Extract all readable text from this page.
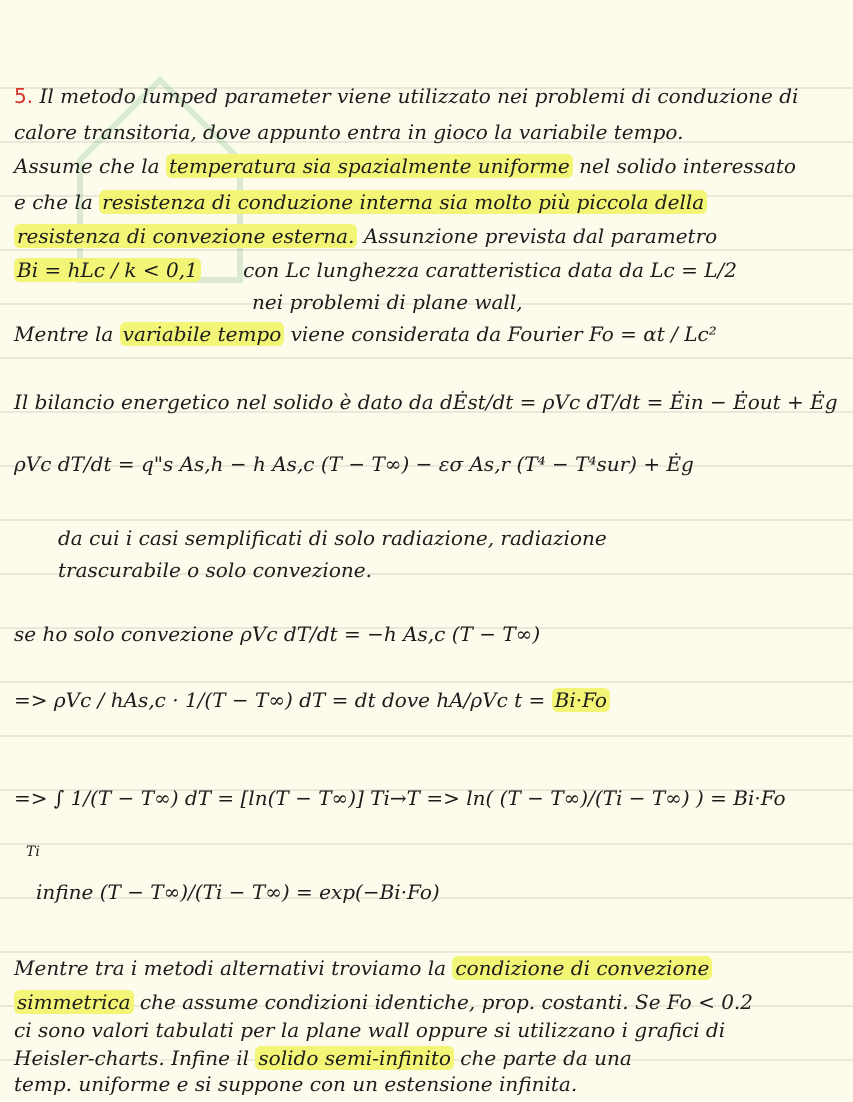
5. Il metodo lumped parameter viene utilizzato nei problemi di conduzione di
calore transitoria, dove appunto entra in gioco la variabile tempo.
Assume che la temperatura sia spazialmente uniforme nel solido interessato
e che la resistenza di conduzione interna sia molto più piccola della
resistenza di convezione esterna. Assunzione prevista dal parametro
Bi = hLc / k < 0,1 con Lc lunghezza caratteristica data da Lc = L/2
nei problemi di plane wall,
Mentre la variabile tempo viene considerata da Fourier Fo = αt / Lc²
Il bilancio energetico nel solido è dato da dĖst/dt = ρVc dT/dt = Ėin − Ėout + Ėg
ρVc dT/dt = q"s As,h − h As,c (T − T∞) − εσ As,r (T⁴ − T⁴sur) + Ėg
da cui i casi semplificati di solo radiazione, radiazione
trascurabile o solo convezione.
se ho solo convezione ρVc dT/dt = −h As,c (T − T∞)
=> ρVc / hAs,c · 1/(T − T∞) dT = dt dove hA/ρVc t = Bi·Fo
=> ∫ 1/(T − T∞) dT = [ln(T − T∞)] Ti→T => ln( (T − T∞)/(Ti − T∞) ) = Bi·Fo
Ti
infine (T − T∞)/(Ti − T∞) = exp(−Bi·Fo)
Mentre tra i metodi alternativi troviamo la condizione di convezione
simmetrica che assume condizioni identiche, prop. costanti. Se Fo < 0.2
ci sono valori tabulati per la plane wall oppure si utilizzano i grafici di
Heisler-charts. Infine il solido semi-infinito che parte da una
temp. uniforme e si suppone con un estensione infinita.
